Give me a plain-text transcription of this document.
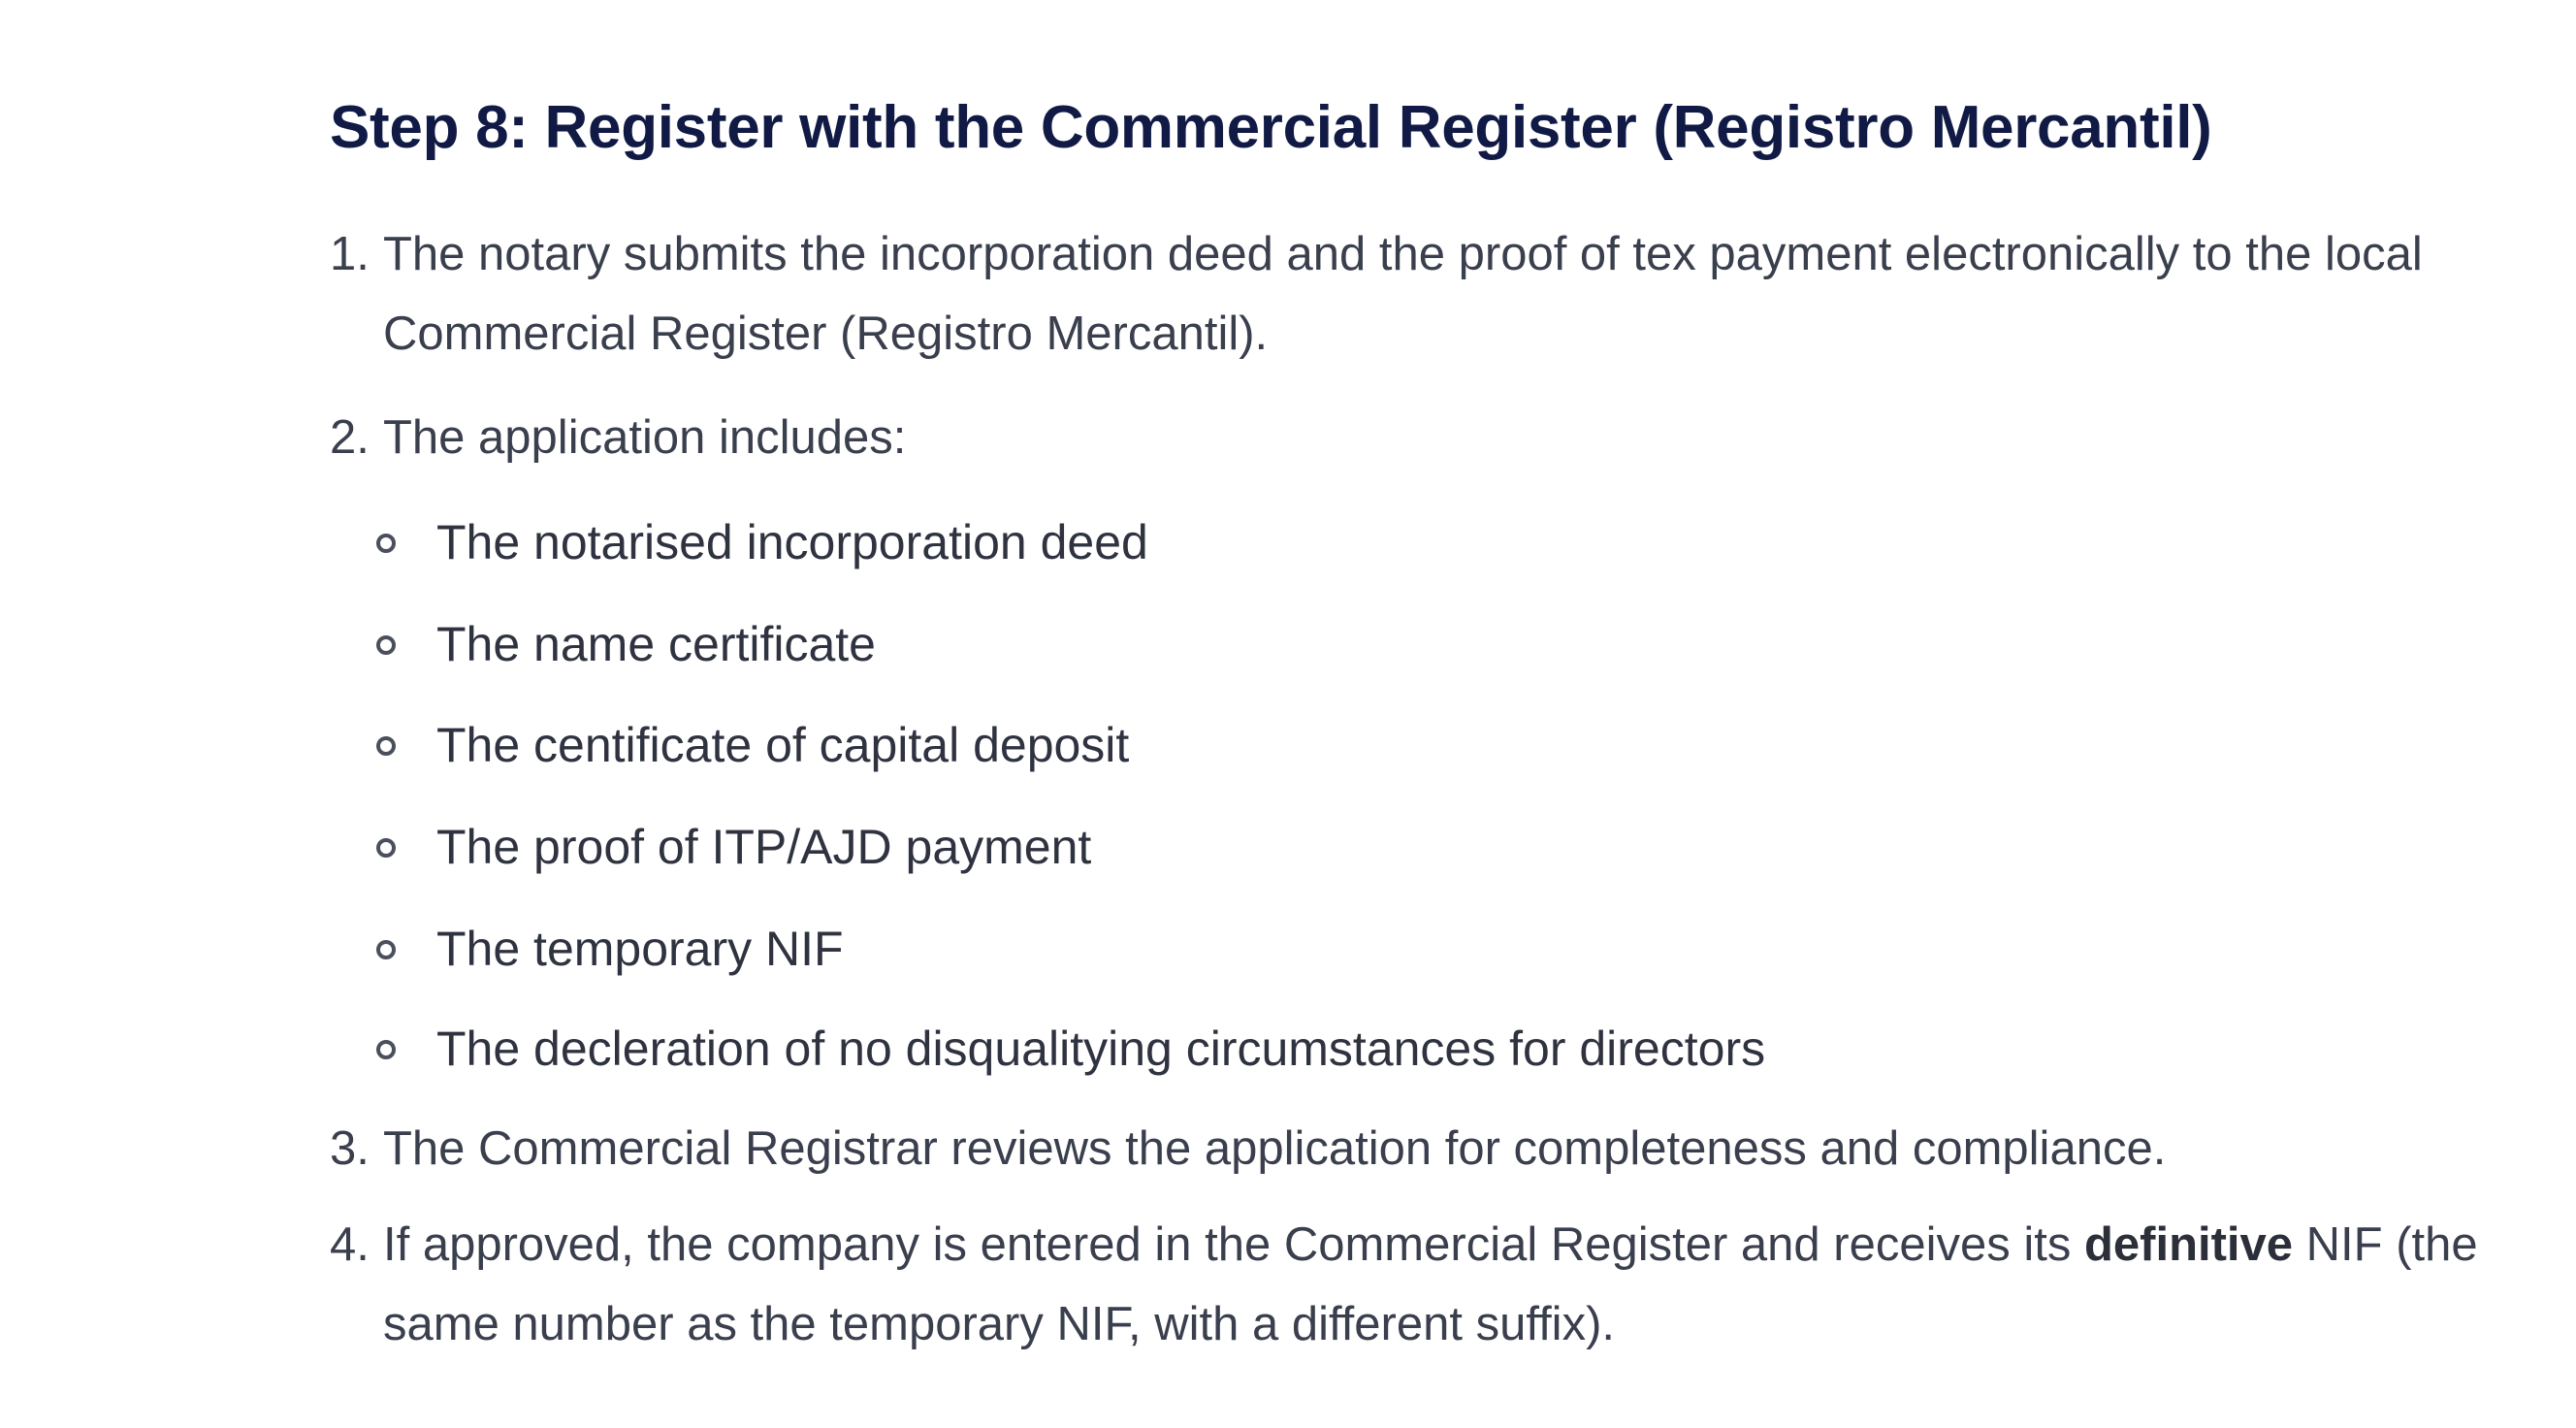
Step 8: Register with the Commercial Register (Registro Mercantil)
1. The notary submits the incorporation deed and the proof of tex payment electronically to the local Commercial Register (Registro Mercantil).
2. The application includes:
The notarised incorporation deed
The name certificate
The centificate of capital deposit
The proof of ITP/AJD payment
The temporary NIF
The decleration of no disqualitying circumstances for directors
3. The Commercial Registrar reviews the application for completeness and compliance.
4. If approved, the company is entered in the Commercial Register and receives its definitive NIF (the same number as the temporary NIF, with a different suffix).
